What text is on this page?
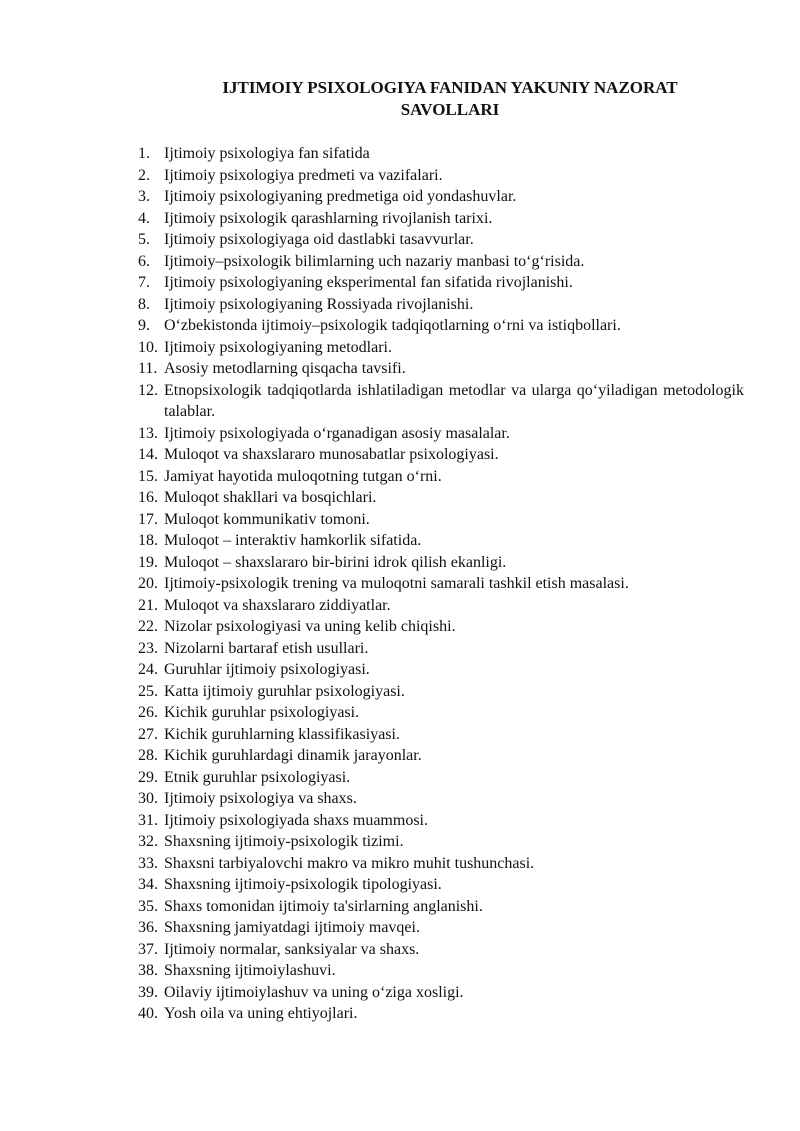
IJTIMOIY PSIXOLOGIYA FANIDAN YAKUNIY NAZORAT
SAVOLLARI
1. Ijtimoiy psixologiya fan sifatida
2. Ijtimoiy psixologiya predmeti va vazifalari.
3. Ijtimoiy psixologiyaning predmetiga oid yondashuvlar.
4. Ijtimoiy psixologik qarashlarning rivojlanish tarixi.
5. Ijtimoiy psixologiyaga oid dastlabki tasavvurlar.
6. Ijtimoiy–psixologik bilimlarning uch nazariy manbasi to‘g‘risida.
7. Ijtimoiy psixologiyaning eksperimental fan sifatida rivojlanishi.
8. Ijtimoiy psixologiyaning Rossiyada rivojlanishi.
9. O‘zbekistonda ijtimoiy–psixologik tadqiqotlarning o‘rni va istiqbollari.
10. Ijtimoiy psixologiyaning metodlari.
11. Asosiy metodlarning qisqacha tavsifi.
12. Etnopsixologik tadqiqotlarda ishlatiladigan metodlar va ularga qo‘yiladigan metodologik talablar.
13. Ijtimoiy psixologiyada o‘rganadigan asosiy masalalar.
14. Muloqot va shaxslararo munosabatlar psixologiyasi.
15. Jamiyat hayotida muloqotning tutgan o‘rni.
16. Muloqot shakllari va bosqichlari.
17. Muloqot kommunikativ tomoni.
18. Muloqot – interaktiv hamkorlik sifatida.
19. Muloqot – shaxslararo bir-birini idrok qilish ekanligi.
20. Ijtimoiy-psixologik trening va muloqotni samarali tashkil etish masalasi.
21. Muloqot va shaxslararo ziddiyatlar.
22. Nizolar psixologiyasi va uning kelib chiqishi.
23. Nizolarni bartaraf etish usullari.
24. Guruhlar ijtimoiy psixologiyasi.
25. Katta ijtimoiy guruhlar psixologiyasi.
26. Kichik guruhlar psixologiyasi.
27. Kichik guruhlarning klassifikasiyasi.
28. Kichik guruhlardagi dinamik jarayonlar.
29. Etnik guruhlar psixologiyasi.
30. Ijtimoiy psixologiya va shaxs.
31. Ijtimoiy psixologiyada shaxs muammosi.
32. Shaxsning ijtimoiy-psixologik tizimi.
33. Shaxsni tarbiyalovchi makro va mikro muhit tushunchasi.
34. Shaxsning ijtimoiy-psixologik tipologiyasi.
35. Shaxs tomonidan ijtimoiy ta'sirlarning anglanishi.
36. Shaxsning jamiyatdagi ijtimoiy mavqei.
37. Ijtimoiy normalar, sanksiyalar va shaxs.
38. Shaxsning ijtimoiylashuvi.
39. Oilaviy ijtimoiylashuv va uning o‘ziga xosligi.
40. Yosh oila va uning ehtiyojlari.
